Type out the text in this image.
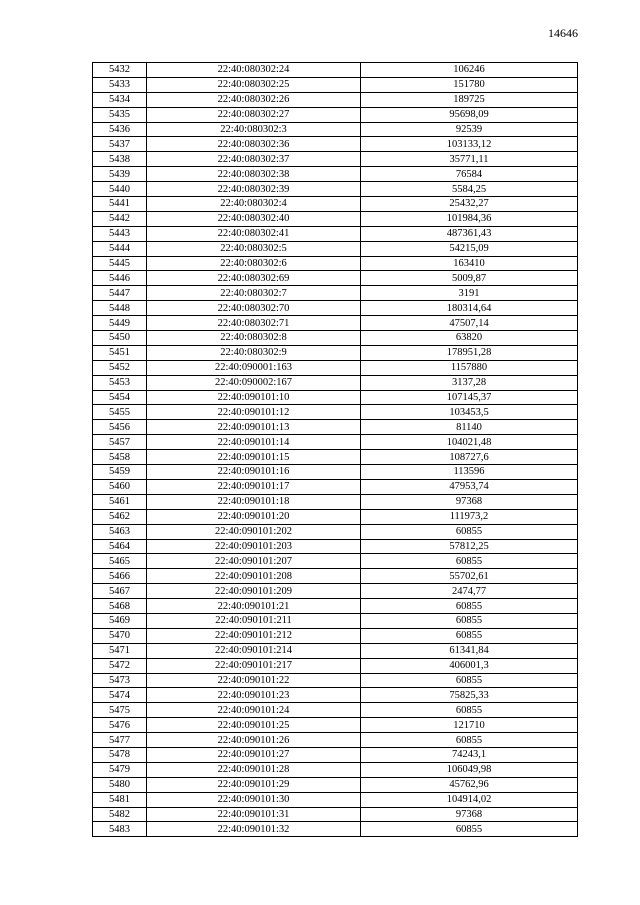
14646
5432	22:40:080302:24	106246
5433	22:40:080302:25	151780
5434	22:40:080302:26	189725
5435	22:40:080302:27	95698,09
5436	22:40:080302:3	92539
5437	22:40:080302:36	103133,12
5438	22:40:080302:37	35771,11
5439	22:40:080302:38	76584
5440	22:40:080302:39	5584,25
5441	22:40:080302:4	25432,27
5442	22:40:080302:40	101984,36
5443	22:40:080302:41	487361,43
5444	22:40:080302:5	54215,09
5445	22:40:080302:6	163410
5446	22:40:080302:69	5009,87
5447	22:40:080302:7	3191
5448	22:40:080302:70	180314,64
5449	22:40:080302:71	47507,14
5450	22:40:080302:8	63820
5451	22:40:080302:9	178951,28
5452	22:40:090001:163	1157880
5453	22:40:090002:167	3137,28
5454	22:40:090101:10	107145,37
5455	22:40:090101:12	103453,5
5456	22:40:090101:13	81140
5457	22:40:090101:14	104021,48
5458	22:40:090101:15	108727,6
5459	22:40:090101:16	113596
5460	22:40:090101:17	47953,74
5461	22:40:090101:18	97368
5462	22:40:090101:20	111973,2
5463	22:40:090101:202	60855
5464	22:40:090101:203	57812,25
5465	22:40:090101:207	60855
5466	22:40:090101:208	55702,61
5467	22:40:090101:209	2474,77
5468	22:40:090101:21	60855
5469	22:40:090101:211	60855
5470	22:40:090101:212	60855
5471	22:40:090101:214	61341,84
5472	22:40:090101:217	406001,3
5473	22:40:090101:22	60855
5474	22:40:090101:23	75825,33
5475	22:40:090101:24	60855
5476	22:40:090101:25	121710
5477	22:40:090101:26	60855
5478	22:40:090101:27	74243,1
5479	22:40:090101:28	106049,98
5480	22:40:090101:29	45762,96
5481	22:40:090101:30	104914,02
5482	22:40:090101:31	97368
5483	22:40:090101:32	60855
